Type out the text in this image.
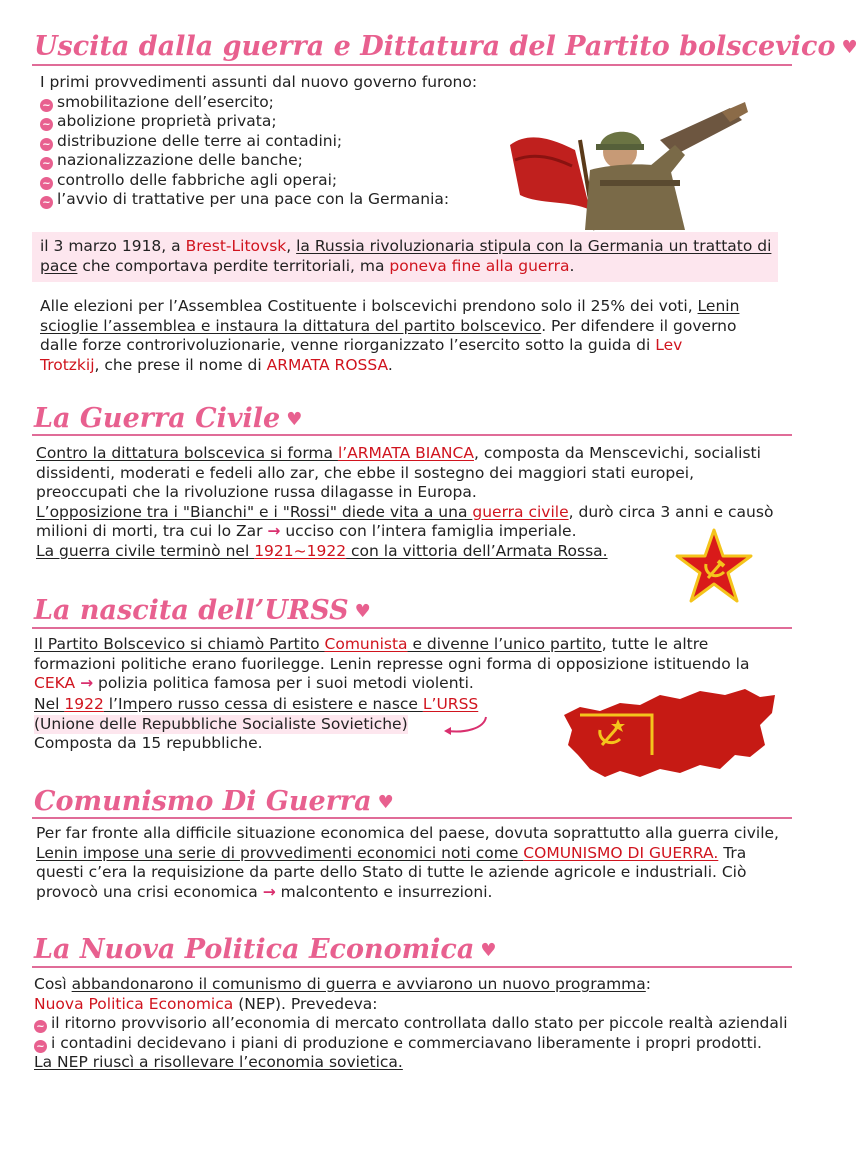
Uscita dalla guerra e Dittatura del Partito bolscevico ♥

I primi provvedimenti assunti dal nuovo governo furono:

~ smobilitazione dell’esercito;

~ abolizione proprietà privata;

~ distribuzione delle terre ai contadini;

~ nazionalizzazione delle banche;

~ controllo delle fabbriche agli operai;

~ l’avvio di trattative per una pace con la Germania:

il 3 marzo 1918, a Brest-Litovsk, la Russia rivoluzionaria stipula con la Germania un trattato di pace che comportava perdite territoriali, ma poneva fine alla guerra.

Alle elezioni per l’Assemblea Costituente i bolscevichi prendono solo il 25% dei voti, Lenin scioglie l’assemblea e instaura la dittatura del partito bolscevico. Per difendere il governo dalle forze controrivoluzionarie, venne riorganizzato l’esercito sotto la guida di Lev Trotzkij, che prese il nome di ARMATA ROSSA.

La Guerra Civile ♥

Contro la dittatura bolscevica si forma l’ARMATA BIANCA, composta da Menscevichi, socialisti dissidenti, moderati e fedeli allo zar, che ebbe il sostegno dei maggiori stati europei, preoccupati che la rivoluzione russa dilagasse in Europa.

L’opposizione tra i "Bianchi" e i "Rossi" diede vita a una guerra civile, durò circa 3 anni e causò milioni di morti, tra cui lo Zar → ucciso con l’intera famiglia imperiale.

La guerra civile terminò nel 1921~1922 con la vittoria dell’Armata Rossa.

La nascita dell’URSS ♥

Il Partito Bolscevico si chiamò Partito Comunista e divenne l’unico partito, tutte le altre formazioni politiche erano fuorilegge. Lenin represse ogni forma di opposizione istituendo la CEKA → polizia politica famosa per i suoi metodi violenti.

Nel 1922 l’Impero russo cessa di esistere e nasce L’URSS

(Unione delle Repubbliche Socialiste Sovietiche)

Composta da 15 repubbliche.

Comunismo Di Guerra ♥

Per far fronte alla difficile situazione economica del paese, dovuta soprattutto alla guerra civile, Lenin impose una serie di provvedimenti economici noti come COMUNISMO DI GUERRA. Tra questi c’era la requisizione da parte dello Stato di tutte le aziende agricole e industriali. Ciò provocò una crisi economica → malcontento e insurrezioni.

La Nuova Politica Economica ♥

Così abbandonarono il comunismo di guerra e avviarono un nuovo programma:

Nuova Politica Economica (NEP). Prevedeva:

~ il ritorno provvisorio all’economia di mercato controllata dallo stato per piccole realtà aziendali

~ i contadini decidevano i piani di produzione e commerciavano liberamente i propri prodotti.

La NEP riuscì a risollevare l’economia sovietica.
